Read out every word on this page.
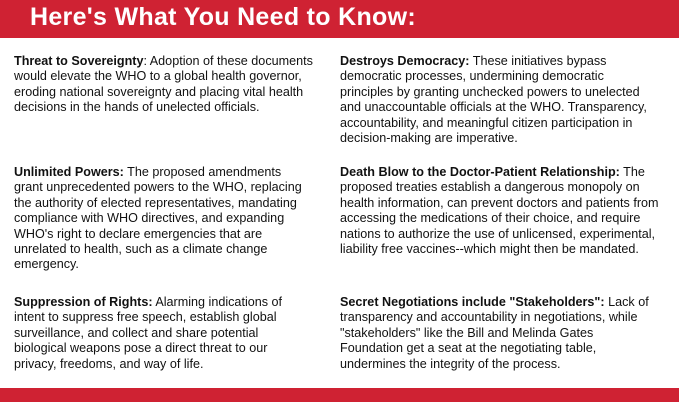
Here's What You Need to Know:
Threat to Sovereignty: Adoption of these documents would elevate the WHO to a global health governor, eroding national sovereignty and placing vital health decisions in the hands of unelected officials.
Destroys Democracy: These initiatives bypass democratic processes, undermining democratic principles by granting unchecked powers to unelected and unaccountable officials at the WHO. Transparency, accountability, and meaningful citizen participation in decision-making are imperative.
Unlimited Powers: The proposed amendments grant unprecedented powers to the WHO, replacing the authority of elected representatives, mandating compliance with WHO directives, and expanding WHO's right to declare emergencies that are unrelated to health, such as a climate change emergency.
Death Blow to the Doctor-Patient Relationship: The proposed treaties establish a dangerous monopoly on health information, can prevent doctors and patients from accessing the medications of their choice, and require nations to authorize the use of unlicensed, experimental, liability free vaccines--which might then be mandated.
Suppression of Rights: Alarming indications of intent to suppress free speech, establish global surveillance, and collect and share potential biological weapons pose a direct threat to our privacy, freedoms, and way of life.
Secret Negotiations include "Stakeholders": Lack of transparency and accountability in negotiations, while "stakeholders" like the Bill and Melinda Gates Foundation get a seat at the negotiating table, undermines the integrity of the process.
